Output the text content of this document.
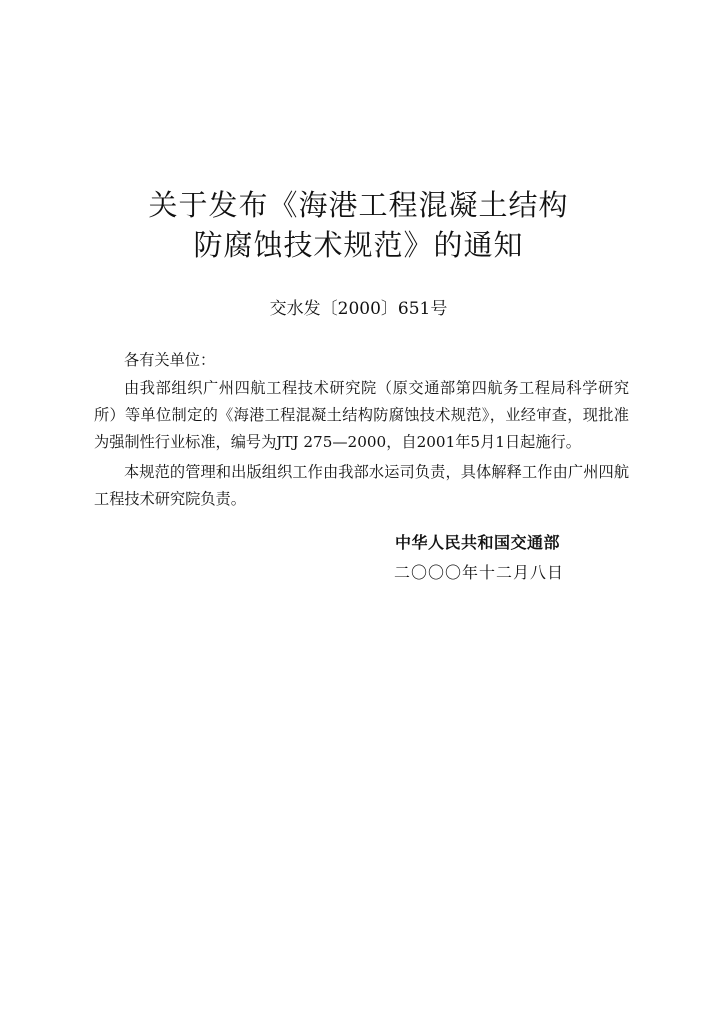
关于发布《海港工程混凝土结构
防腐蚀技术规范》的通知
交水发〔2000〕651号
各有关单位：

由我部组织广州四航工程技术研究院（原交通部第四航务工程局科学研究所）等单位制定的《海港工程混凝土结构防腐蚀技术规范》，业经审查，现批准为强制性行业标准，编号为JTJ 275—2000，自2001年5月1日起施行。

本规范的管理和出版组织工作由我部水运司负责，具体解释工作由广州四航工程技术研究院负责。

中华人民共和国交通部
二〇〇〇年十二月八日
